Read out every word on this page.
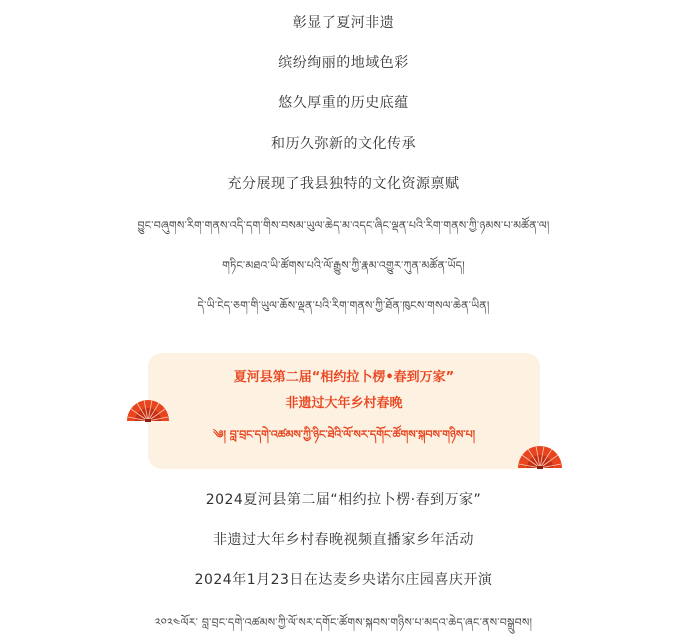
彰显了夏河非遗
缤纷绚丽的地域色彩
悠久厚重的历史底蕴
和历久弥新的文化传承
充分展现了我县独特的文化资源禀赋
བྱུང་བཞུགས་རིག་གནས་འདི་དག་གིས་བསམ་ཡུལ་ཆེད་མ་འདང་ཞིང་ལྡན་པའི་རིག་གནས་ཀྱི་ཉམས་པ་མཚོན་ལ།
གཏིང་མཐའ་ཡི་ཚོགས་པའི་ལོ་རྒྱུས་ཀྱི་རྣམ་འགྱུར་ཀུན་མཚོན་ཡོད།
དེ་ཡི་ངེད་ཅག་གི་ཡུལ་ཆོས་ལྡན་པའི་རིག་གནས་ཀྱི་ཐོན་ཁུངས་གསལ་ཆེན་ཡིན།
夏河县第二届“相约拉卜楞•春到万家”
非遗过大年乡村春晚
༄། བླ་བྲང་དགེ་འཚམས་ཀྱི་ཉིང་ཐེའི་ལོ་སར་དགོང་ཚོགས་སྐབས་གཉིས་པ།
2024夏河县第二届“相约拉卜楞·春到万家”
非遗过大年乡村春晚视频直播家乡年活动
2024年1月23日在达麦乡央诺尔庄园喜庆开演
༢༠༢༤ལོར་ བླ་བྲང་དགེ་འཚམས་ཀྱི་ལོ་སར་དགོང་ཚོགས་སྐབས་གཉིས་པ་མདའ་ཆེད་ཞང་ནས་བསྒྲུབས།
